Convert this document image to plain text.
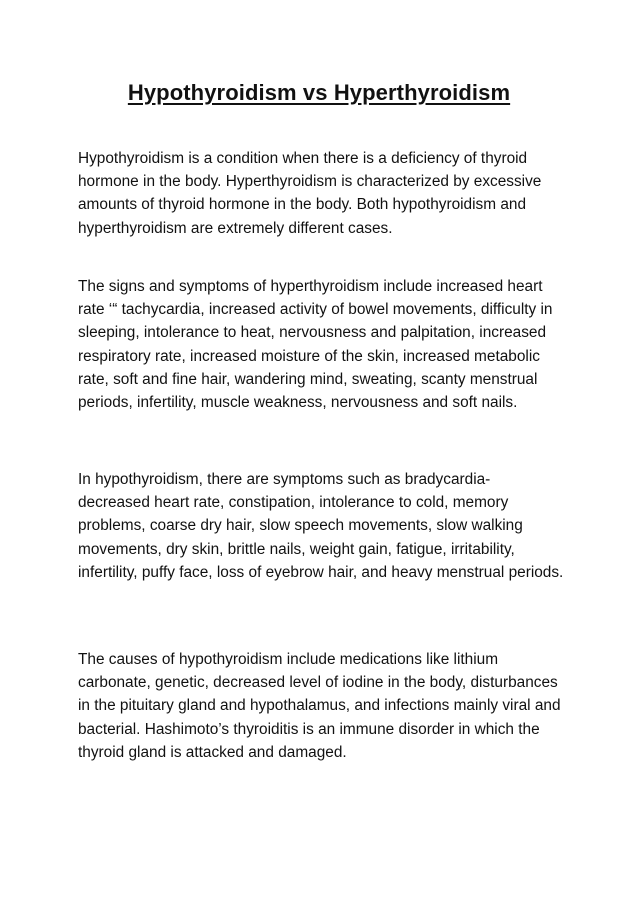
Hypothyroidism vs Hyperthyroidism

Hypothyroidism is a condition when there is a deficiency of thyroid hormone in the body. Hyperthyroidism is characterized by excessive amounts of thyroid hormone in the body. Both hypothyroidism and hyperthyroidism are extremely different cases.

The signs and symptoms of hyperthyroidism include increased heart rate ‘“ tachycardia, increased activity of bowel movements, difficulty in sleeping, intolerance to heat, nervousness and palpitation, increased respiratory rate, increased moisture of the skin, increased metabolic rate, soft and fine hair, wandering mind, sweating, scanty menstrual periods, infertility, muscle weakness, nervousness and soft nails.

In hypothyroidism, there are symptoms such as bradycardia- decreased heart rate, constipation, intolerance to cold, memory problems, coarse dry hair, slow speech movements, slow walking movements, dry skin, brittle nails, weight gain, fatigue, irritability, infertility, puffy face, loss of eyebrow hair, and heavy menstrual periods.

The causes of hypothyroidism include medications like lithium carbonate, genetic, decreased level of iodine in the body, disturbances in the pituitary gland and hypothalamus, and infections mainly viral and bacterial. Hashimoto’s thyroiditis is an immune disorder in which the thyroid gland is attacked and damaged.
